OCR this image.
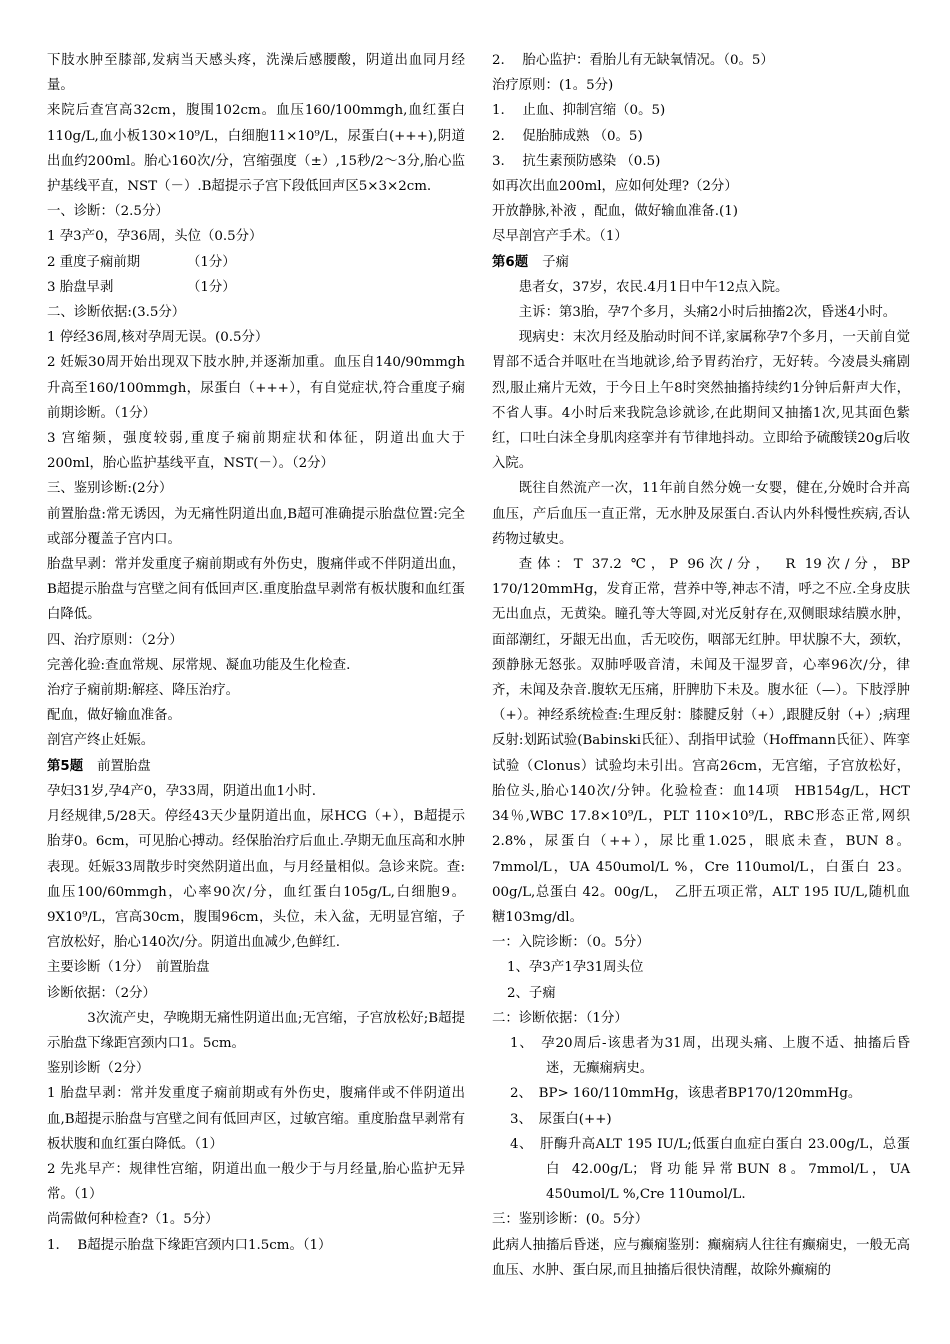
下肢水肿至膝部,发病当天感头疼，洗澡后感腰酸，阴道出血同月经量。

来院后查宫高32cm，腹围102cm。血压160/100mmgh,血红蛋白110g/L,血小板130×10⁹/L，白细胞11×10⁹/L，尿蛋白(+++),阴道出血约200ml。胎心160次/分，宫缩强度（±）,15秒/2～3分,胎心监护基线平直，NST（－）.B超提示子宫下段低回声区5×3×2cm.

一、诊断：（2.5分）

1 孕3产0，孕36周，头位（0.5分）

2 重度子痫前期　　　　（1分）

3 胎盘早剥　　　　　　（1分）

二、诊断依据:(3.5分）

1 停经36周,核对孕周无误。(0.5分）

2 妊娠30周开始出现双下肢水肿,并逐渐加重。血压自140/90mmgh升高至160/100mmgh，尿蛋白（+++），有自觉症状,符合重度子痫前期诊断。（1分）

3 宫缩频，强度较弱,重度子痫前期症状和体征，阴道出血大于200ml，胎心监护基线平直，NST(－）。（2分）

三、鉴别诊断:(2分）

前置胎盘:常无诱因，为无痛性阴道出血,B超可准确提示胎盘位置:完全或部分覆盖子宫内口。

胎盘早剥：常并发重度子痫前期或有外伤史，腹痛伴或不伴阴道出血，B超提示胎盘与宫壁之间有低回声区.重度胎盘早剥常有板状腹和血红蛋白降低。

四、治疗原则：（2分）

完善化验:查血常规、尿常规、凝血功能及生化检查.

治疗子痫前期:解痉、降压治疗。

配血，做好输血准备。

剖宫产终止妊娠。

第5题 前置胎盘

孕妇31岁,孕4产0，孕33周，阴道出血1小时.

月经规律,5/28天。停经43天少量阴道出血，尿HCG（+），B超提示胎芽0。6cm，可见胎心搏动。经保胎治疗后血止.孕期无血压高和水肿表现。妊娠33周散步时突然阴道出血，与月经量相似。急诊来院。查:血压100/60mmgh，心率90次/分，血红蛋白105g/L,白细胞9。9X10⁹/L，宫高30cm，腹围96cm，头位，未入盆，无明显宫缩，子宫放松好，胎心140次/分。阴道出血减少,色鲜红.

主要诊断（1分）　前置胎盘

诊断依据：（2分）

　3次流产史，孕晚期无痛性阴道出血;无宫缩，子宫放松好;B超提示胎盘下缘距宫颈内口1。5cm。

鉴别诊断（2分）

1 胎盘早剥：常并发重度子痫前期或有外伤史，腹痛伴或不伴阴道出血,B超提示胎盘与宫壁之间有低回声区，过敏宫缩。重度胎盘早剥常有板状腹和血红蛋白降低。（1）

2 先兆早产：规律性宫缩，阴道出血一般少于与月经量,胎心监护无异常。（1）

尚需做何种检查?（1。5分）

1.　 B超提示胎盘下缘距宫颈内口1.5cm。（1）

2.　 胎心监护：看胎儿有无缺氧情况。（0。5）

治疗原则：(1。5分)

1.　 止血、抑制宫缩（0。5)

2.　 促胎肺成熟 （0。5)

3.　 抗生素预防感染 （0.5)

如再次出血200ml，应如何处理?（2分）

开放静脉,补液 ，配血，做好输血准备.(1)

尽早剖宫产手术。（1）

第6题 子痫

患者女，37岁，农民.4月1日中午12点入院。

主诉：第3胎，孕7个多月，头痛2小时后抽搐2次，昏迷4小时。

现病史：末次月经及胎动时间不详,家属称孕7个多月，一天前自觉胃部不适合并呕吐在当地就诊,给予胃药治疗，无好转。今凌晨头痛剧烈,服止痛片无效，于今日上午8时突然抽搐持续约1分钟后鼾声大作，不省人事。4小时后来我院急诊就诊,在此期间又抽搐1次,见其面色紫红，口吐白沫全身肌肉痉挛并有节律地抖动。立即给予硫酸镁20g后收入院。

既往自然流产一次，11年前自然分娩一女婴，健在,分娩时合并高血压，产后血压一直正常，无水肿及尿蛋白.否认内外科慢性疾病,否认药物过敏史。

查体：T 37.2 ℃，P 96次/分，　R 19次/分，BP 170/120mmHg，发育正常，营养中等,神志不清，呼之不应.全身皮肤无出血点，无黄染。瞳孔等大等圆,对光反射存在,双侧眼球结膜水肿，面部潮红，牙龈无出血，舌无咬伤，咽部无红肿。甲状腺不大，颈软，颈静脉无怒张。双肺呼吸音清，未闻及干湿罗音，心率96次/分，律齐，未闻及杂音.腹软无压痛，肝脾肋下未及。腹水征（—）。下肢浮肿（+）。神经系统检查:生理反射：膝腱反射（+）,跟腱反射（+）;病理反射:划跖试验(Babinski氏征）、刮指甲试验（Hoffmann氏征）、阵挛试验（Clonus）试验均未引出。宫高26cm，无宫缩，子宫放松好，胎位头,胎心140次/分钟。化验检查：血14项　HB154g/L，HCT 34％,WBC 17.8×10⁹/L，PLT 110×10⁹/L，RBC形态正常,网织2.8%，尿蛋白（++），尿比重1.025，眼底未查，BUN 8。7mmol/L，UA 450umol/L %，Cre 110umol/L，白蛋白 23。00g/L,总蛋白 42。00g/L，　乙肝五项正常，ALT 195 IU/L,随机血糖103mg/dl。

一：入院诊断：（0。5分）

1、孕3产1孕31周头位

2、子痫

二：诊断依据：（1分）

1、　孕20周后-该患者为31周，出现头痛、上腹不适、抽搐后昏迷，无癫痫病史。

2、　BP> 160/110mmHg，该患者BP170/120mmHg。

3、　尿蛋白(++)

4、　肝酶升高ALT 195 IU/L;低蛋白血症白蛋白 23.00g/L，总蛋白 42.00g/L；肾功能异常BUN 8。7mmol/L，UA 450umol/L %,Cre 110umol/L.

三：鉴别诊断：(0。5分）

此病人抽搐后昏迷，应与癫痫鉴别：癫痫病人往往有癫痫史，一般无高血压、水肿、蛋白尿,而且抽搐后很快清醒，故除外癫痫的
